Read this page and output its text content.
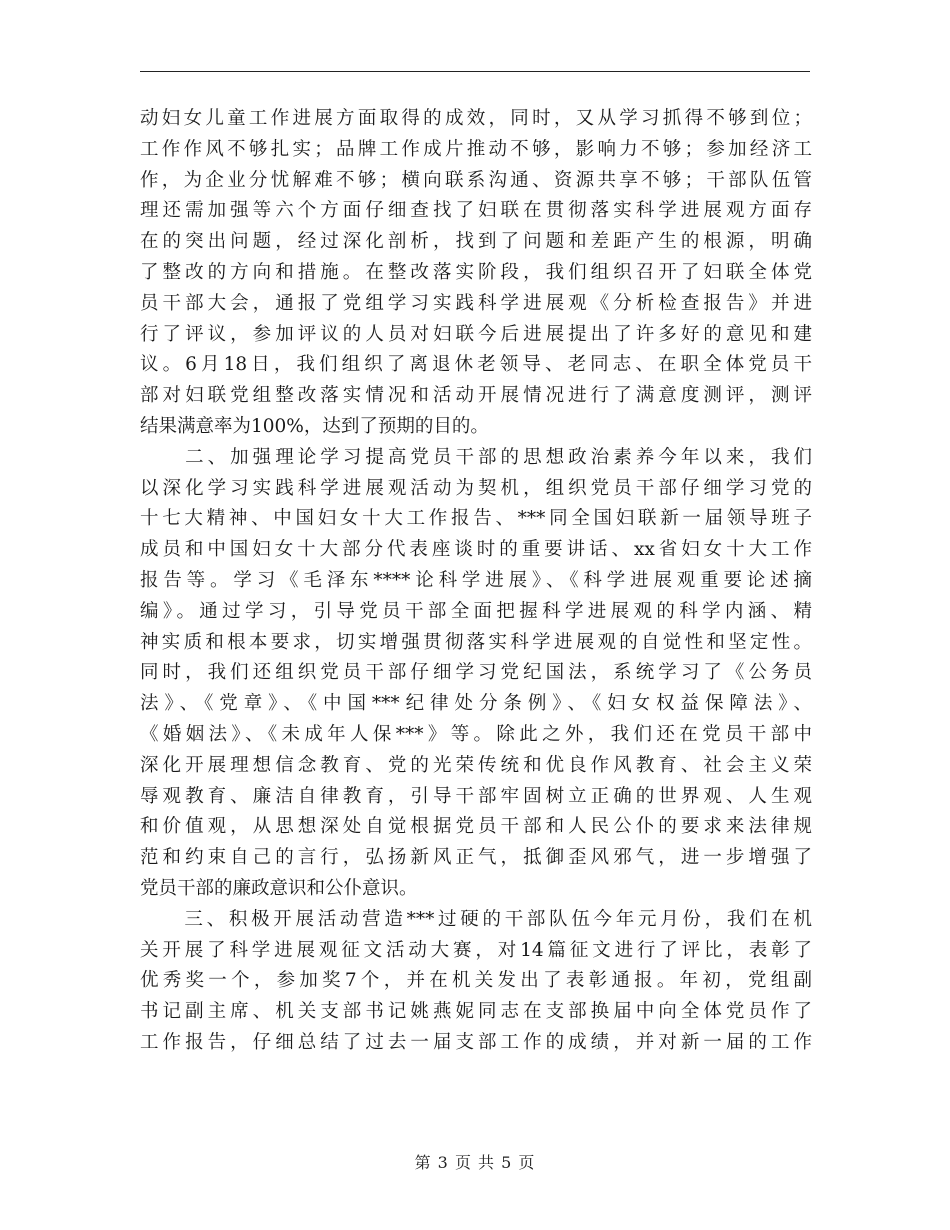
动妇女儿童工作进展方面取得的成效，同时，又从学习抓得不够到位；
工作作风不够扎实；品牌工作成片推动不够，影响力不够；参加经济工
作，为企业分忧解难不够；横向联系沟通、资源共享不够；干部队伍管
理还需加强等六个方面仔细查找了妇联在贯彻落实科学进展观方面存
在的突出问题，经过深化剖析，找到了问题和差距产生的根源，明确
了整改的方向和措施。在整改落实阶段，我们组织召开了妇联全体党
员干部大会，通报了党组学习实践科学进展观《分析检查报告》并进
行了评议，参加评议的人员对妇联今后进展提出了许多好的意见和建
议。6月18日，我们组织了离退休老领导、老同志、在职全体党员干
部对妇联党组整改落实情况和活动开展情况进行了满意度测评，测评
结果满意率为100%，达到了预期的目的。
　　二、加强理论学习提高党员干部的思想政治素养今年以来，我们
以深化学习实践科学进展观活动为契机，组织党员干部仔细学习党的
十七大精神、中国妇女十大工作报告、***同全国妇联新一届领导班子
成员和中国妇女十大部分代表座谈时的重要讲话、xx省妇女十大工作
报告等。学习《毛泽东****论科学进展》、《科学进展观重要论述摘
编》。通过学习，引导党员干部全面把握科学进展观的科学内涵、精
神实质和根本要求，切实增强贯彻落实科学进展观的自觉性和坚定性。
同时，我们还组织党员干部仔细学习党纪国法，系统学习了《公务员
法》、《党章》、《中国***纪律处分条例》、《妇女权益保障法》、
《婚姻法》、《未成年人保***》等。除此之外，我们还在党员干部中
深化开展理想信念教育、党的光荣传统和优良作风教育、社会主义荣
辱观教育、廉洁自律教育，引导干部牢固树立正确的世界观、人生观
和价值观，从思想深处自觉根据党员干部和人民公仆的要求来法律规
范和约束自己的言行，弘扬新风正气，抵御歪风邪气，进一步增强了
党员干部的廉政意识和公仆意识。
　　三、积极开展活动营造***过硬的干部队伍今年元月份，我们在机
关开展了科学进展观征文活动大赛，对14篇征文进行了评比，表彰了
优秀奖一个，参加奖7个，并在机关发出了表彰通报。年初，党组副
书记副主席、机关支部书记姚燕妮同志在支部换届中向全体党员作了
工作报告，仔细总结了过去一届支部工作的成绩，并对新一届的工作
第 3 页 共 5 页
